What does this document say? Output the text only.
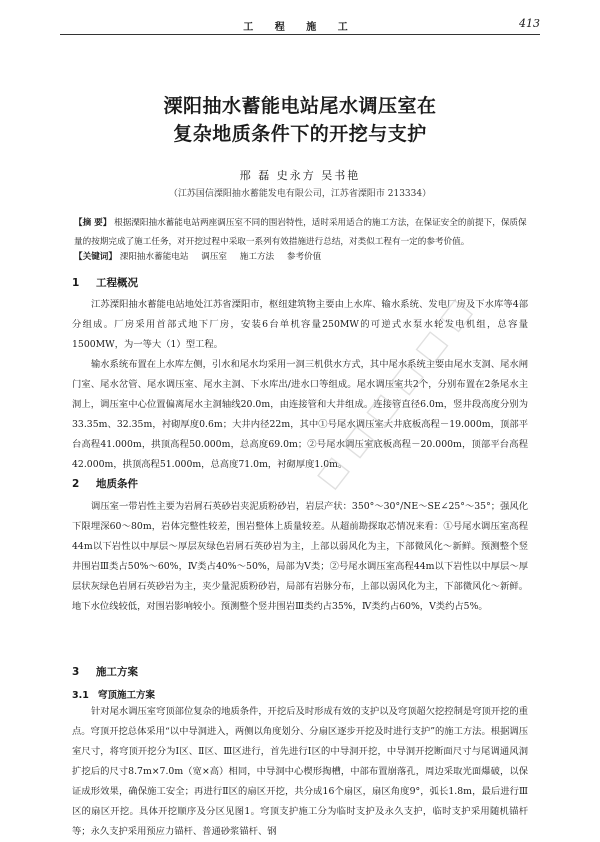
工 程 施 工	413
溧阳抽水蓄能电站尾水调压室在
复杂地质条件下的开挖与支护
邢 磊 史永方 吴书艳
（江苏国信溧阳抽水蓄能发电有限公司，江苏省溧阳市 213334）

【摘 要】 根据溧阳抽水蓄能电站两座调压室不同的围岩特性，适时采用适合的施工方法，在保证安全的前提下，保质保量的按期完成了施工任务，对开挖过程中采取一系列有效措施进行总结，对类似工程有一定的参考价值。

【关键词】 溧阳抽水蓄能电站 调压室 施工方法 参考价值
1 工程概况

江苏溧阳抽水蓄能电站地处江苏省溧阳市，枢纽建筑物主要由上水库、输水系统、发电厂房及下水库等4部分组成。厂房采用首部式地下厂房，安装6台单机容量250MW的可逆式水泵水轮发电机组，总容量1500MW，为一等大（1）型工程。

输水系统布置在上水库左侧，引水和尾水均采用一洞三机供水方式，其中尾水系统主要由尾水支洞、尾水闸门室、尾水岔管、尾水调压室、尾水主洞、下水库出/进水口等组成。尾水调压室共2个，分别布置在2条尾水主洞上，调压室中心位置偏离尾水主洞轴线20.0m，由连接管和大井组成。连接管直径6.0m，竖井段高度分别为33.35m、32.35m，衬砌厚度0.6m；大井内径22m，其中①号尾水调压室大井底板高程－19.000m，顶部平台高程41.000m，拱顶高程50.000m，总高度69.0m；②号尾水调压室底板高程－20.000m，顶部平台高程42.000m，拱顶高程51.000m，总高度71.0m，衬砌厚度1.0m。

2 地质条件

调压室一带岩性主要为岩屑石英砂岩夹泥质粉砂岩，岩层产状：350°～30°/NE～SE∠25°～35°；强风化下限埋深60～80m，岩体完整性较差，围岩整体上质量较差。从超前勘探取芯情况来看：①号尾水调压室高程44m以下岩性以中厚层～厚层灰绿色岩屑石英砂岩为主，上部以弱风化为主，下部微风化～新鲜。预测整个竖井围岩Ⅲ类占50%～60%，Ⅳ类占40%～50%，局部为Ⅴ类；②号尾水调压室高程44m以下岩性以中厚层～厚层状灰绿色岩屑石英砂岩为主，夹少量泥质粉砂岩，局部有岩脉分布，上部以弱风化为主，下部微风化～新鲜。地下水位线较低，对围岩影响较小。预测整个竖井围岩Ⅲ类约占35%，Ⅳ类约占60%，Ⅴ类约占5%。

3 施工方案
3.1 穹顶施工方案

针对尾水调压室穹顶部位复杂的地质条件，开挖后及时形成有效的支护以及穹顶超欠挖控制是穹顶开挖的重点。穹顶开挖总体采用“以中导洞进入，两侧以角度划分、分扇区逐步开挖及时进行支护”的施工方法。根据调压室尺寸，将穹顶开挖分为Ⅰ区、Ⅱ区、Ⅲ区进行，首先进行Ⅰ区的中导洞开挖，中导洞开挖断面尺寸与尾调通风洞扩挖后的尺寸8.7m×7.0m（宽×高）相同，中导洞中心楔形掏槽，中部布置崩落孔，周边采取光面爆破，以保证成形效果，确保施工安全；再进行Ⅱ区的扇区开挖，共分成16个扇区，扇区角度9°，弧长1.8m，最后进行Ⅲ区的扇区开挖。具体开挖顺序及分区见图1。穹顶支护施工分为临时支护及永久支护，临时支护采用随机锚杆等；永久支护采用预应力锚杆、普通砂浆锚杆、钢
